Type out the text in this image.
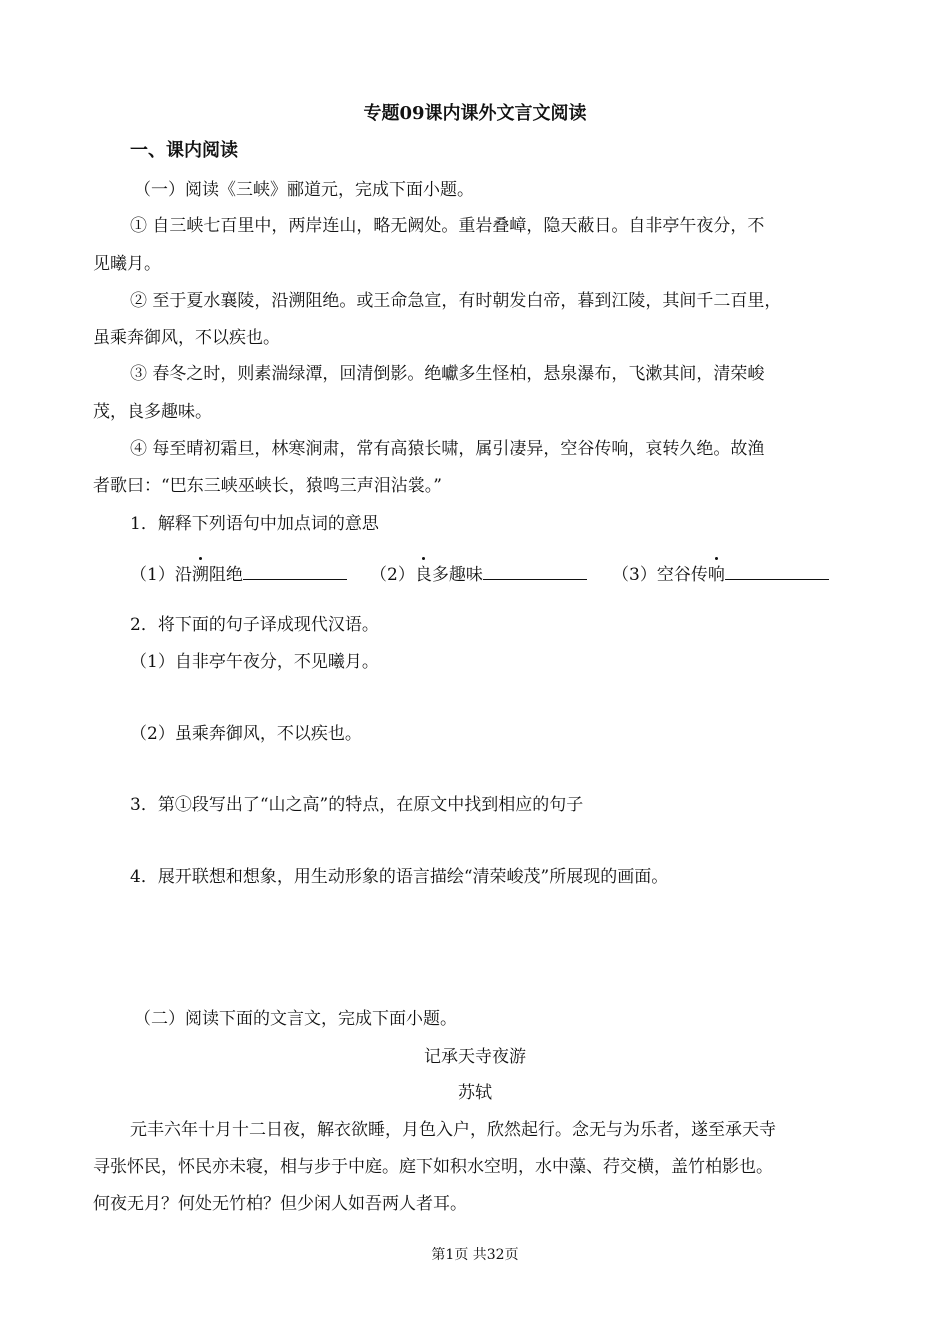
专题09课内课外文言文阅读
一、课内阅读
（一）阅读《三峡》郦道元，完成下面小题。
① 自三峡七百里中，两岸连山，略无阙处。重岩叠嶂，隐天蔽日。自非亭午夜分，不
见曦月。
② 至于夏水襄陵，沿溯阻绝。或王命急宣，有时朝发白帝，暮到江陵，其间千二百里，
虽乘奔御风，不以疾也。
③ 春冬之时，则素湍绿潭，回清倒影。绝巘多生怪柏，悬泉瀑布，飞漱其间，清荣峻
茂，良多趣味。
④ 每至晴初霜旦，林寒涧肃，常有高猿长啸，属引凄异，空谷传响，哀转久绝。故渔
者歌曰：“巴东三峡巫峡长，猿鸣三声泪沾裳。”
1．解释下列语句中加点词的意思
（1）沿溯阻绝	（2）良多趣味	（3）空谷传响
2．将下面的句子译成现代汉语。
（1）自非亭午夜分，不见曦月。
（2）虽乘奔御风，不以疾也。
3．第①段写出了“山之高”的特点，在原文中找到相应的句子
4．展开联想和想象，用生动形象的语言描绘“清荣峻茂”所展现的画面。
（二）阅读下面的文言文，完成下面小题。
记承天寺夜游
苏轼
元丰六年十月十二日夜，解衣欲睡，月色入户，欣然起行。念无与为乐者，遂至承天寺
寻张怀民，怀民亦未寝，相与步于中庭。庭下如积水空明，水中藻、荇交横，盖竹柏影也。
何夜无月？何处无竹柏？但少闲人如吾两人者耳。
第1页 共32页
